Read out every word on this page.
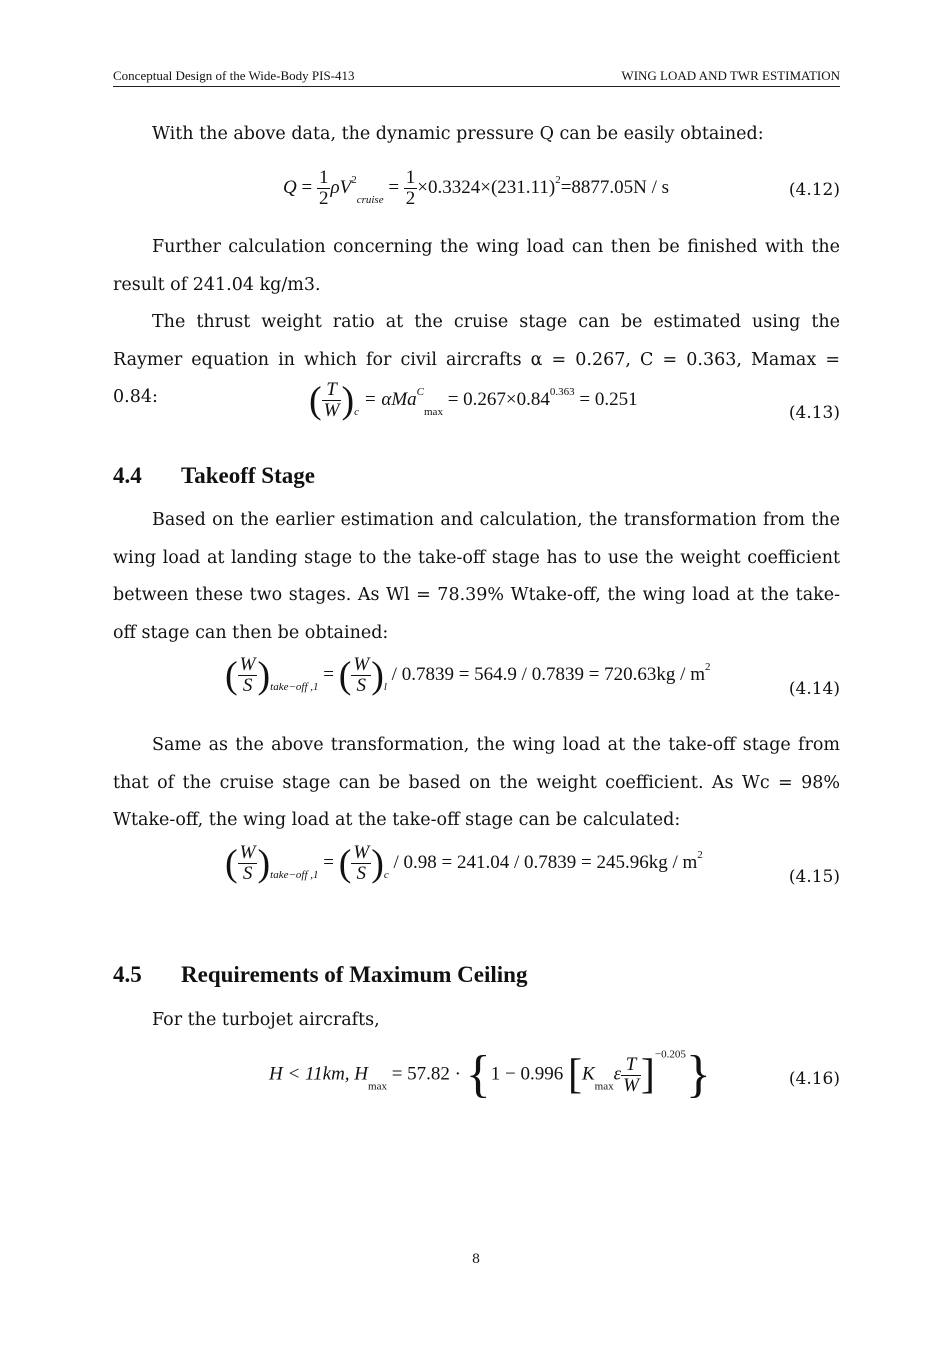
Conceptual Design of the Wide-Body PIS-413	WING LOAD AND TWR ESTIMATION
With the above data, the dynamic pressure Q can be easily obtained:
$Q = \frac{1}{2} \rho V^2_{cruise} = \frac{1}{2} \times 0.3324\times(231.11)^2=8877.05N / s$	(4.12)
Further calculation concerning the wing load can then be finished with the result of 241.04 kg/m3.
The thrust weight ratio at the cruise stage can be estimated using the Raymer equation in which for civil aircrafts α = 0.267, C = 0.363, Mamax = 0.84:	( $\frac{T}{W} )_c = \alpha Ma^C_{max} = 0.267\times 0.84^{0.363} = 0.251$
(4.13)
4.4 Takeoff Stage
Based on the earlier estimation and calculation, the transformation from the wing load at landing stage to the take-off stage has to use the weight coefficient between these two stages. As Wl = 78.39% Wtake-off, the wing load at the take-off stage can then be obtained:
( $\frac{W}{S} )_{take-off ,1}$ = ( $\frac{W}{S} )_l / 0.7839 = 564.9 / 0.7839 = 720.63kg / m^2$
(4.14)
Same as the above transformation, the wing load at the take-off stage from that of the cruise stage can be based on the weight coefficient. As Wc = 98% Wtake-off, the wing load at the take-off stage can be calculated:
( $\frac{W}{S} )_{take-off ,1}$ = ( $\frac{W}{S} )_c / 0.98 = 241.04 / 0.7839 = 245.96kg / m^2$
(4.15)
4.5 Requirements of Maximum Ceiling
For the turbojet aircrafts,
H < 11km, $H_{max} = 57.82 \cdot \{1 - 0.996$ $[K_{max}\varepsilon \frac{T}{W} ]^{-0.205}$}	(4.16)
8
